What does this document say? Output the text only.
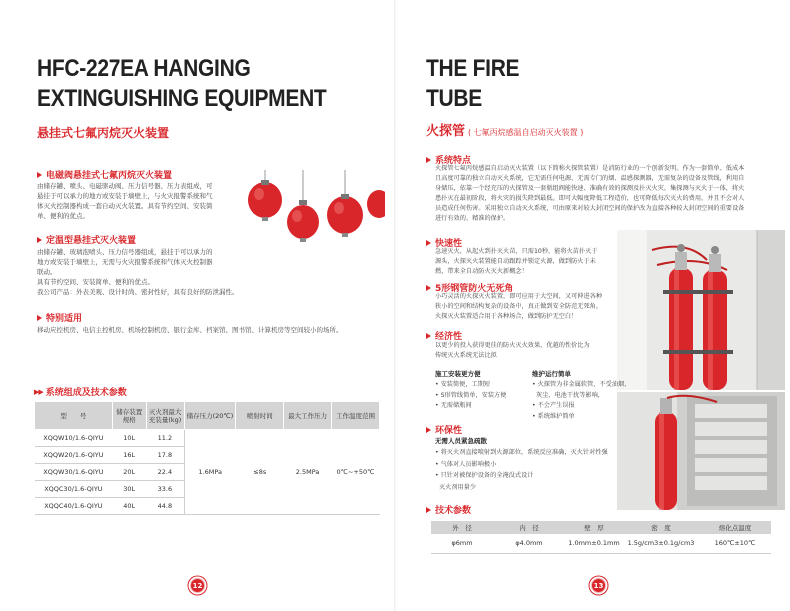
HFC-227EA HANGING
EXTINGUISHING EQUIPMENT
悬挂式七氟丙烷灭火装置
电磁阀悬挂式七氟丙烷灭火装置
由储存罐、喷头、电磁驱动阀、压力信号器、压力表组成，可
悬挂于可以承力的地方或安装于墙壁上，与火灾报警系统和气
体灭火控制器构成一套自动灭火装置。具有节约空间、安装简
单、便利的优点。
定温型悬挂式灭火装置
由储存罐、玻璃泡喷头、压力信号器组成，悬挂于可以承力的
地方或安装于墙壁上，无需与火灾报警系统和气体灭火控制器
联动。
具有节约空间、安装简单、便利的优点。
我公司产品：外表美观、设计时尚、密封性好，具有良好的防泄漏性。
特别适用
移动应控机房、电信主控机房、机场控制机房、银行金库、档案馆、图书馆、计算机房等空间较小的场所。
▶▶ 系统组成及技术参数
型　　号	储存装置规格	灭火剂最大充装量(kg)	储存压力(20℃)	喷射时间	最大工作压力	工作温度范围
XQQW10/1.6-QIYU	10L	11.2	1.6MPa	≤8s	2.5MPa	0℃~+50℃
XQQW20/1.6-QIYU	16L	17.8				
XQQW30/1.6-QIYU	20L	22.4				
XQQC30/1.6-QIYU	30L	33.6				
XQQC40/1.6-QIYU	40L	44.8				
12
THE FIRE
TUBE
火探管 ( 七氟丙烷感温自启动灭火装置 )
系统特点
火探管七氟丙烷感温自启动灭火装置（以下简称火探管装置）是消防行业的一个创新发明。作为一套简单、低成本
且高度可靠的独立自动灭火系统，它无需任何电源，无需专门的烟、温感探测器，无需复杂的设备及管线，利用自
身储压，依靠一个经充压的火探管及一套瓶组阀能快速、准确有效的探测及扑灭火灾。集探测与灭火于一体，将火
患扑灭在最初阶段，将火灾的损失降到最低。即可大幅度降低工程造价，也可降低每次灭火的费用，并且不会对人
员造成任何伤害。采用独立自动灭火系统，可由原来对较大封闭空间的保护改为直接各种较大封闭空间的重要设备
进行有效的、精准的保护。
快速性
急速灭火，从起火到扑灭火苗，只需10秒，能将火苗扑灭于
源头，火探灭火装置能自动跟踪并锁定火源，做到防火于未
燃，带来全自动防火灭火新概念！
5形钢管防火无死角
小巧灵活的火探灭火装置，即可应用于大空间，又可伸进各种
狭小的空间和结构复杂的设备中，真正做到安全防范无死角，
火探灭火装置适合用于各种场合，做到防护无空白！
经济性
以更少的投入获得更佳的防火灭火效果，优越的性价比为
传统灭火系统无法比拟
施工安装更方便
• 安装简便，工期短
• S形管线简单，安装方便
• 无需储瓶间
维护运行简单
• 火探管为非金属软管，不受油烟、
灰尘、电池干扰等影响，
• 不会产生误报
• 系统维护简单
环保性
无需人员紧急疏散
• 将灭火剂直接喷射到火源部位，系统反应准确，灭火针对性强
• 气体对人员影响极小
• 只针对被保护设备的全淹没式设计
灭火剂用量少
技术参数
13
外　径	内　径	壁　厚	密　度	熔化点温度
φ6mm	φ4.0mm	1.0mm±0.1mm	1.5g/cm3±0.1g/cm3	160℃±10℃
